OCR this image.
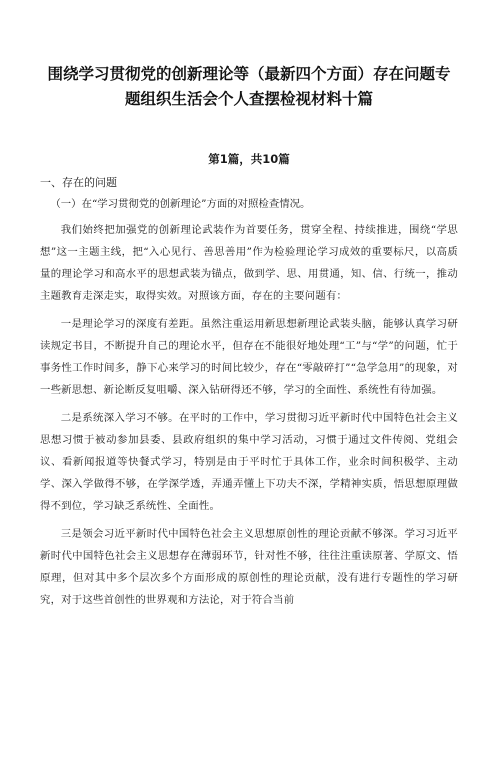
围绕学习贯彻党的创新理论等（最新四个方面）存在问题专题组织生活会个人查摆检视材料十篇
第1篇，共10篇
一、存在的问题
（一）在“学习贯彻党的创新理论”方面的对照检查情况。

我们始终把加强党的创新理论武装作为首要任务，贯穿全程、持续推进，围绕“学思想”这一主题主线，把“入心见行、善思善用”作为检验理论学习成效的重要标尺，以高质量的理论学习和高水平的思想武装为锚点，做到学、思、用贯通，知、信、行统一，推动主题教育走深走实，取得实效。对照该方面，存在的主要问题有：

一是理论学习的深度有差距。虽然注重运用新思想新理论武装头脑，能够认真学习研读规定书目，不断提升自己的理论水平，但存在不能很好地处理“工”与“学”的问题，忙于事务性工作时间多，静下心来学习的时间比较少，存在“零敲碎打”“急学急用”的现象，对一些新思想、新论断反复咀嚼、深入钻研得还不够，学习的全面性、系统性有待加强。

二是系统深入学习不够。在平时的工作中，学习贯彻习近平新时代中国特色社会主义思想习惯于被动参加县委、县政府组织的集中学习活动，习惯于通过文件传阅、党组会议、看新闻报道等快餐式学习，特别是由于平时忙于具体工作，业余时间积极学、主动学、深入学做得不够，在学深学透，弄通弄懂上下功夫不深，学精神实质，悟思想原理做得不到位，学习缺乏系统性、全面性。

三是领会习近平新时代中国特色社会主义思想原创性的理论贡献不够深。学习习近平新时代中国特色社会主义思想存在薄弱环节，针对性不够，往往注重读原著、学原文、悟原理，但对其中多个层次多个方面形成的原创性的理论贡献，没有进行专题性的学习研究，对于这些首创性的世界观和方法论，对于符合当前
